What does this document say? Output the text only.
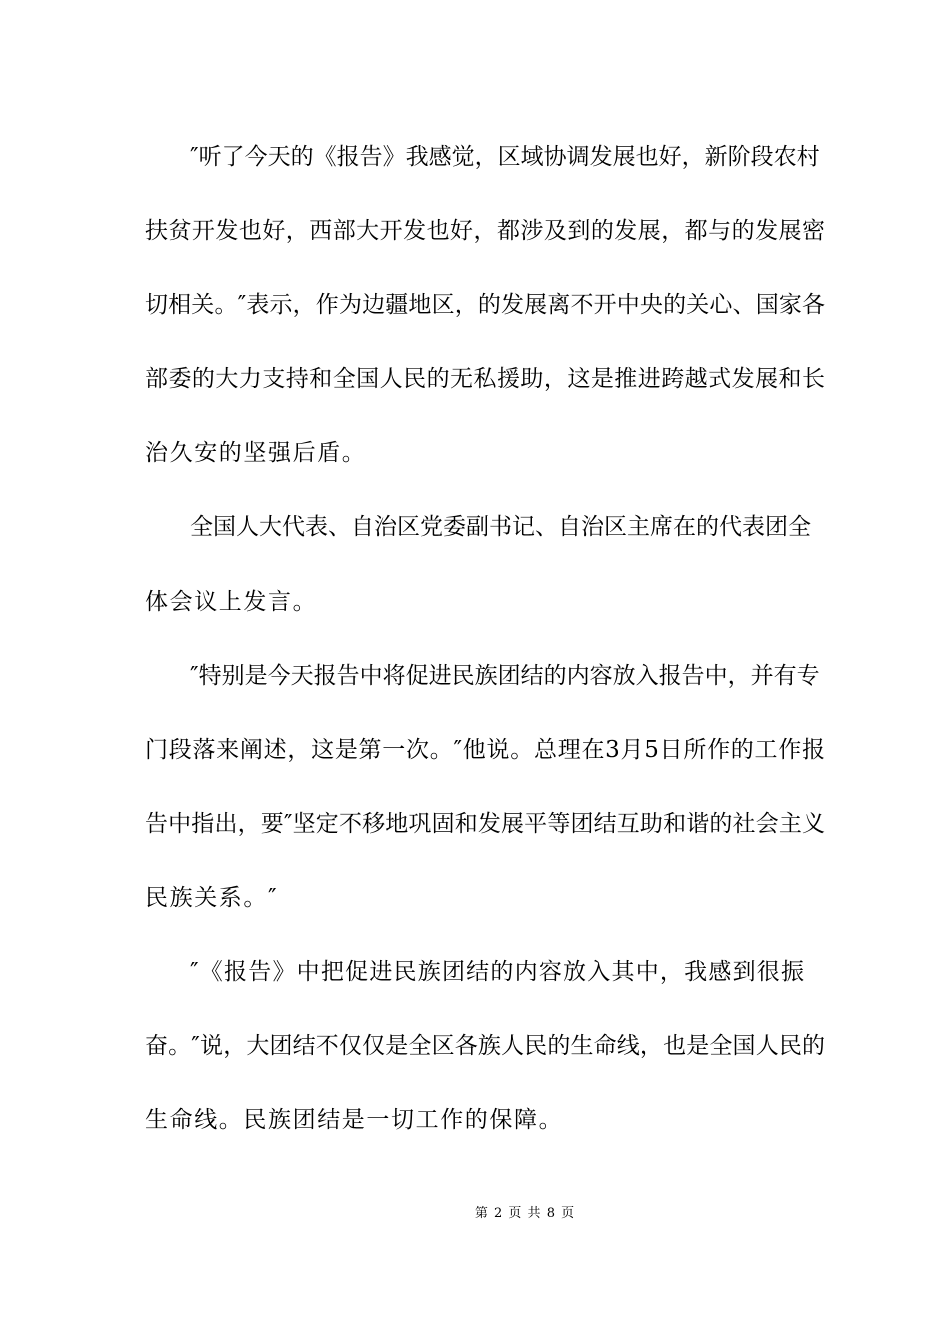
″听了今天的《报告》我感觉，区域协调发展也好，新阶段农村
扶贫开发也好，西部大开发也好，都涉及到的发展，都与的发展密
切相关。″表示，作为边疆地区，的发展离不开中央的关心、国家各
部委的大力支持和全国人民的无私援助，这是推进跨越式发展和长
治久安的坚强后盾。
全国人大代表、自治区党委副书记、自治区主席在的代表团全
体会议上发言。
″特别是今天报告中将促进民族团结的内容放入报告中，并有专
门段落来阐述，这是第一次。″他说。总理在3月5日所作的工作报
告中指出，要″坚定不移地巩固和发展平等团结互助和谐的社会主义
民族关系。″
″《报告》中把促进民族团结的内容放入其中，我感到很振
奋。″说，大团结不仅仅是全区各族人民的生命线，也是全国人民的
生命线。民族团结是一切工作的保障。
第 2 页 共 8 页
